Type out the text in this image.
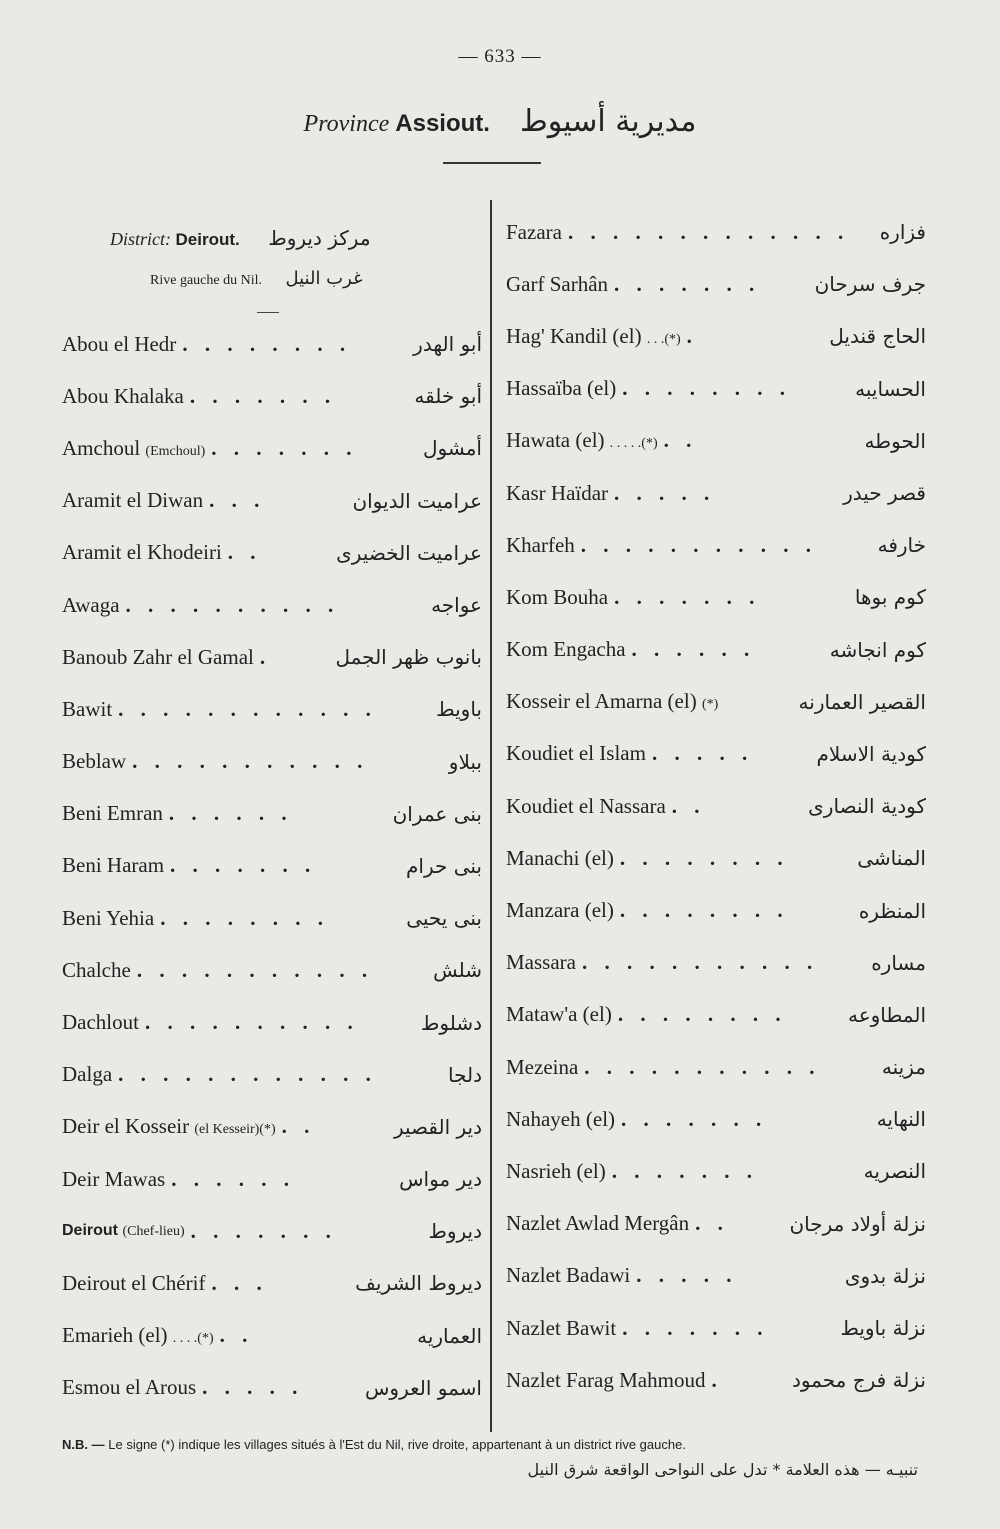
— 633 —
Province Assiout. مديرية أسيوط
District: Deirout. مركز ديروط
Rive gauche du Nil. غرب النيل
Abou el Hedr . . . . . . . .	أبو الهدر
Abou Khalaka . . . . . . .	أبو خلقه
Amchoul (Emchoul) . . . . . . .	أمشول
Aramit el Diwan . . .	عراميت الديوان
Aramit el Khodeiri . .	عراميت الخضيرى
Awaga . . . . . . . . . .	عواجه
Banoub Zahr el Gamal .	بانوب ظهر الجمل
Bawit . . . . . . . . . . . .	باويط
Beblaw . . . . . . . . . . .	ببلاو
Beni Emran . . . . . .	بنى عمران
Beni Haram . . . . . . .	بنى حرام
Beni Yehia . . . . . . . .	بنى يحيى
Chalche . . . . . . . . . . .	شلش
Dachlout . . . . . . . . . .	دشلوط
Dalga . . . . . . . . . . . .	دلجا
Deir el Kosseir (el Kesseir)(*) . .	دير القصير
Deir Mawas . . . . . .	دير مواس
Deirout (Chef-lieu) . . . . . . .	ديروط
Deirout el Chérif . . .	ديروط الشريف
Emarieh (el) . . . .(*) . .	العماريه
Esmou el Arous . . . . .	اسمو العروس
Fazara . . . . . . . . . . . . .	فزاره
Garf Sarhân . . . . . . .	جرف سرحان
Hag' Kandil (el) . . .(*) .	الحاج قنديل
Hassaïba (el) . . . . . . . .	الحسايبه
Hawata (el) . . . . .(*) . .	الحوطه
Kasr Haïdar . . . . .	قصر حيدر
Kharfeh . . . . . . . . . . .	خارفه
Kom Bouha . . . . . . .	كوم بوها
Kom Engacha . . . . . .	كوم انجاشه
Kosseir el Amarna (el) (*)	القصير العمارنه
Koudiet el Islam . . . . .	كودية الاسلام
Koudiet el Nassara . .	كودية النصارى
Manachi (el) . . . . . . . .	المناشى
Manzara (el) . . . . . . . .	المنظره
Massara . . . . . . . . . . .	مساره
Mataw'a (el) . . . . . . . .	المطاوعه
Mezeina . . . . . . . . . . .	مزينه
Nahayeh (el) . . . . . . .	النهايه
Nasrieh (el) . . . . . . .	النصريه
Nazlet Awlad Mergân . .	نزلة أولاد مرجان
Nazlet Badawi . . . . .	نزلة بدوى
Nazlet Bawit . . . . . . .	نزلة باويط
Nazlet Farag Mahmoud .	نزلة فرج محمود
N.B. — Le signe (*) indique les villages situés à l'Est du Nil, rive droite, appartenant à un district rive gauche.
تنبيـه — هذه العلامة * تدل على النواحى الواقعة شرق النيل
